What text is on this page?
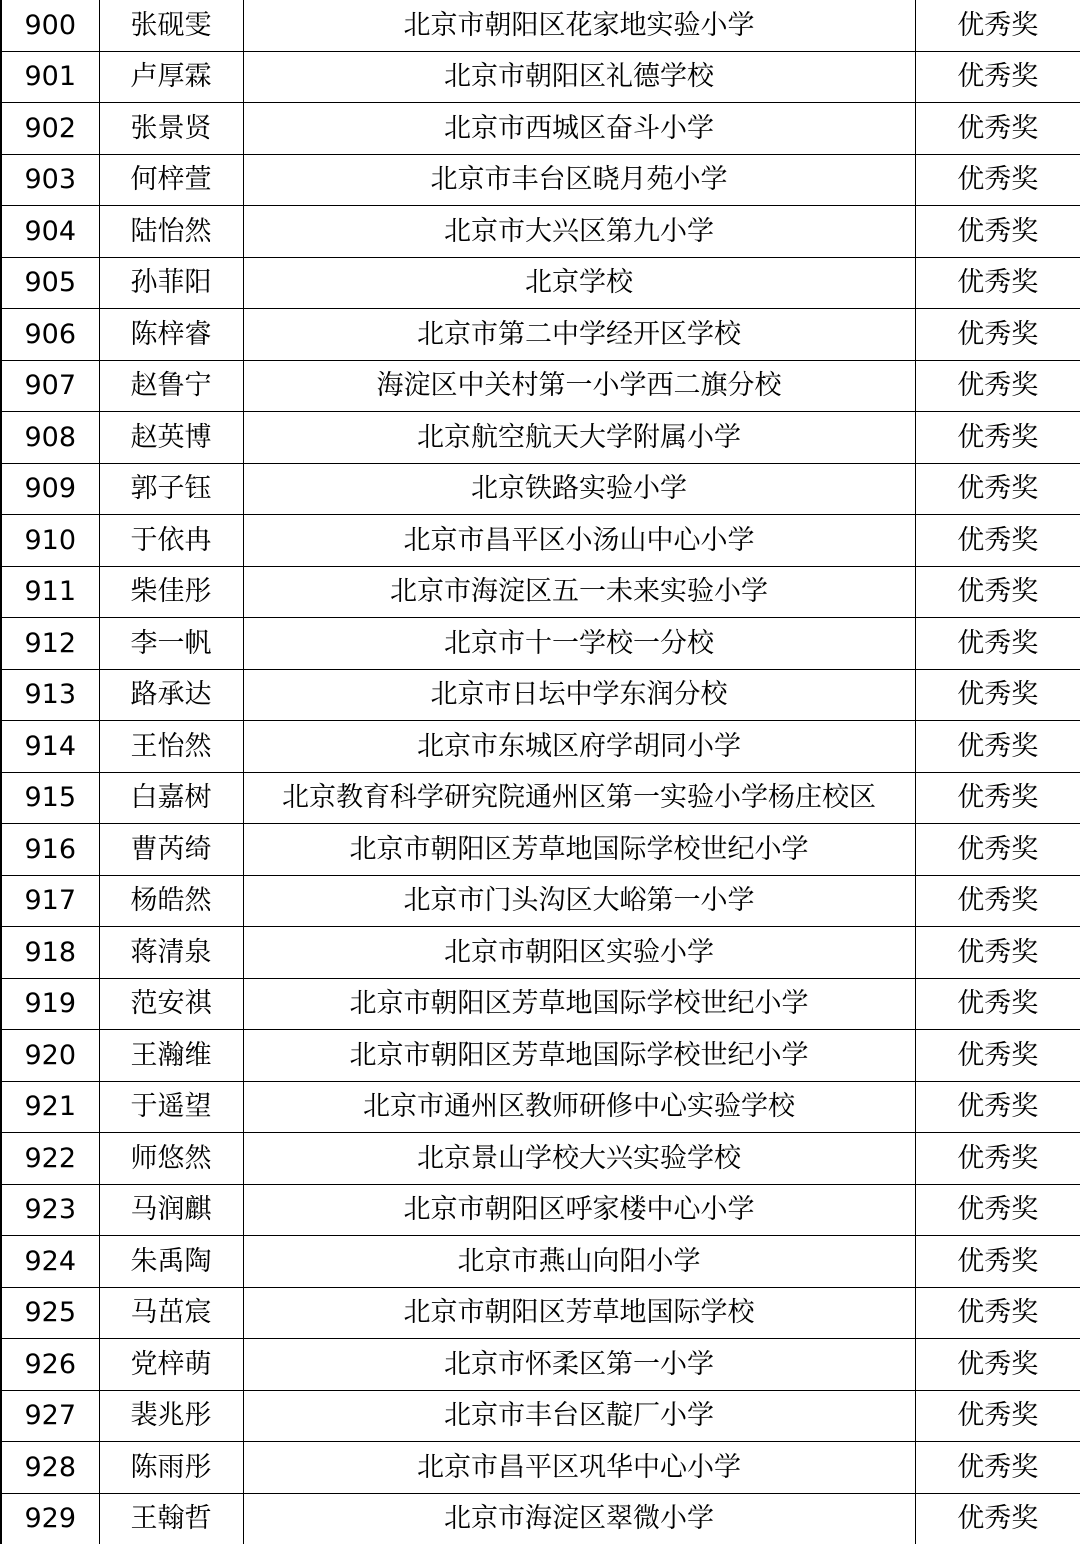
900	张砚雯	北京市朝阳区花家地实验小学	优秀奖
901	卢厚霖	北京市朝阳区礼德学校	优秀奖
902	张景贤	北京市西城区奋斗小学	优秀奖
903	何梓萱	北京市丰台区晓月苑小学	优秀奖
904	陆怡然	北京市大兴区第九小学	优秀奖
905	孙菲阳	北京学校	优秀奖
906	陈梓睿	北京市第二中学经开区学校	优秀奖
907	赵鲁宁	海淀区中关村第一小学西二旗分校	优秀奖
908	赵英博	北京航空航天大学附属小学	优秀奖
909	郭子钰	北京铁路实验小学	优秀奖
910	于依冉	北京市昌平区小汤山中心小学	优秀奖
911	柴佳彤	北京市海淀区五一未来实验小学	优秀奖
912	李一帆	北京市十一学校一分校	优秀奖
913	路承达	北京市日坛中学东润分校	优秀奖
914	王怡然	北京市东城区府学胡同小学	优秀奖
915	白嘉树	北京教育科学研究院通州区第一实验小学杨庄校区	优秀奖
916	曹芮绮	北京市朝阳区芳草地国际学校世纪小学	优秀奖
917	杨皓然	北京市门头沟区大峪第一小学	优秀奖
918	蒋清泉	北京市朝阳区实验小学	优秀奖
919	范安祺	北京市朝阳区芳草地国际学校世纪小学	优秀奖
920	王瀚维	北京市朝阳区芳草地国际学校世纪小学	优秀奖
921	于遥望	北京市通州区教师研修中心实验学校	优秀奖
922	师悠然	北京景山学校大兴实验学校	优秀奖
923	马润麒	北京市朝阳区呼家楼中心小学	优秀奖
924	朱禹陶	北京市燕山向阳小学	优秀奖
925	马茁宸	北京市朝阳区芳草地国际学校	优秀奖
926	党梓萌	北京市怀柔区第一小学	优秀奖
927	裴兆彤	北京市丰台区靛厂小学	优秀奖
928	陈雨彤	北京市昌平区巩华中心小学	优秀奖
929	王翰哲	北京市海淀区翠微小学	优秀奖
